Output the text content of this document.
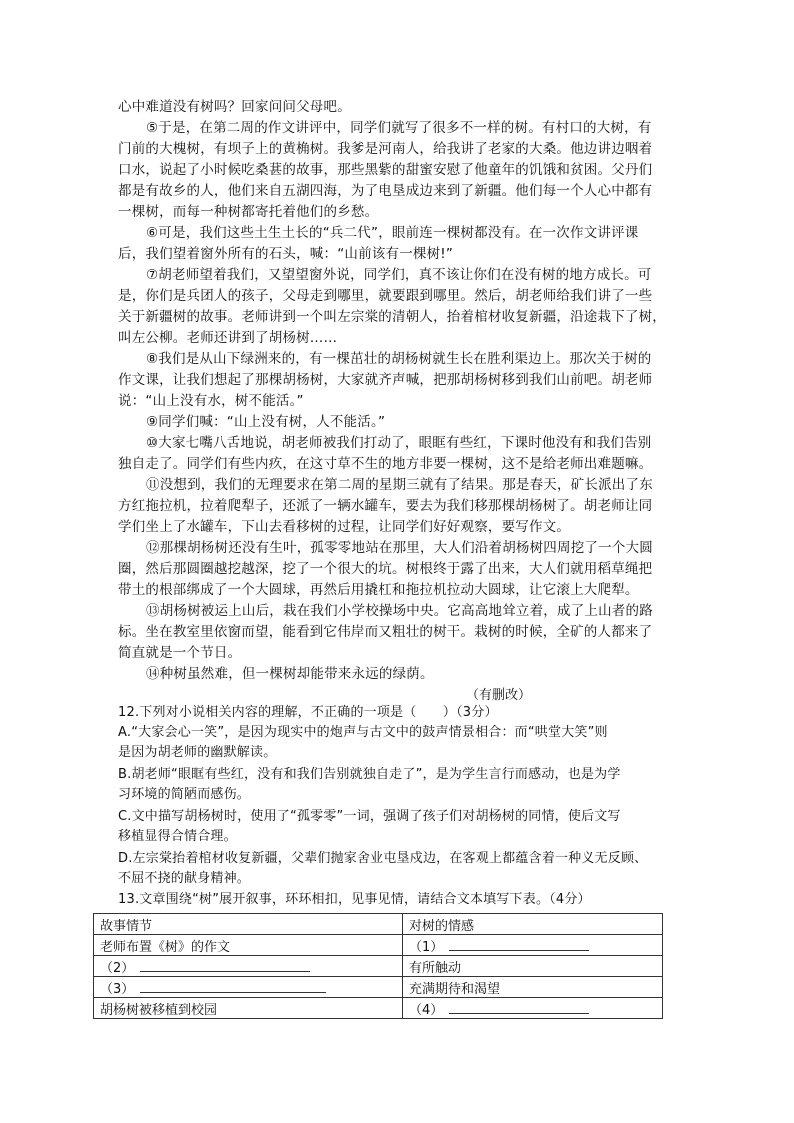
心中难道没有树吗？回家问问父母吧。
⑤于是，在第二周的作文讲评中，同学们就写了很多不一样的树。有村口的大树，有
门前的大槐树，有坝子上的黄桷树。我爹是河南人，给我讲了老家的大桑。他边讲边咽着
口水，说起了小时候吃桑葚的故事，那些黑紫的甜蜜安慰了他童年的饥饿和贫困。父丹们
都是有故乡的人，他们来自五湖四海，为了电垦成边来到了新疆。他们每一个人心中都有
一棵树，而每一种树都寄托着他们的乡愁。
⑥可是，我们这些土生土长的“兵二代”，眼前连一棵树都没有。在一次作文讲评课
后，我们望着窗外所有的石头，喊：“山前该有一棵树!”
⑦胡老师望着我们，又望望窗外说，同学们，真不该让你们在没有树的地方成长。可
是，你们是兵团人的孩子，父母走到哪里，就要跟到哪里。然后，胡老师给我们讲了一些
关于新疆树的故事。老师讲到一个叫左宗棠的清朝人，抬着棺材收复新疆，沿途栽下了树，
叫左公柳。老师还讲到了胡杨树……
⑧我们是从山下绿洲来的，有一棵茁壮的胡杨树就生长在胜利渠边上。那次关于树的
作文课，让我们想起了那棵胡杨树，大家就齐声喊，把那胡杨树移到我们山前吧。胡老师
说：“山上没有水，树不能活。”
⑨同学们喊：“山上没有树，人不能活。”
⑩大家七嘴八舌地说，胡老师被我们打动了，眼眶有些红，下课时他没有和我们告别
独自走了。同学们有些内疚，在这寸草不生的地方非要一棵树，这不是给老师出难题嘛。
⑪没想到，我们的无理要求在第二周的星期三就有了结果。那是春天，矿长派出了东
方红拖拉机，拉着爬犁子，还派了一辆水罐车，要去为我们移那棵胡杨树了。胡老师让同
学们坐上了水罐车，下山去看移树的过程，让同学们好好观察，要写作文。
⑫那棵胡杨树还没有生叶，孤零零地站在那里，大人们沿着胡杨树四周挖了一个大圆
圈，然后那圆圈越挖越深，挖了一个很大的坑。树根终于露了出来，大人们就用稻草绳把
带土的根部绑成了一个大圆球，再然后用撬杠和拖拉机拉动大圆球，让它滚上大爬犁。
⑬胡杨树被运上山后，栽在我们小学校操场中央。它高高地耸立着，成了上山者的路
标。坐在教室里依窗而望，能看到它伟岸而又粗壮的树干。栽树的时候，全矿的人都来了
简直就是一个节日。
⑭种树虽然难，但一棵树却能带来永远的绿荫。
（有删改）
12.下列对小说相关内容的理解，不正确的一项是（　　）（3分）
A.“大家会心一笑”，是因为现实中的炮声与古文中的鼓声情景相合：而“哄堂大笑”则
是因为胡老师的幽默解读。
B.胡老师“眼眶有些红，没有和我们告别就独自走了”，是为学生言行而感动，也是为学
习环境的简陋而感伤。
C.文中描写胡杨树时，使用了“孤零零”一词，强调了孩子们对胡杨树的同情，使后文写
移植显得合情合理。
D.左宗棠抬着棺材收复新疆，父辈们抛家舍业屯垦戍边，在客观上都蕴含着一种义无反顾、
不屈不挠的献身精神。
13.文章围绕“树”展开叙事，环环相扣，见事见情，请结合文本填写下表。（4分）
故事情节	对树的情感
老师布置《树》的作文	（1）
（2）	有所触动
（3）	充满期待和渴望
胡杨树被移植到校园	（4）
